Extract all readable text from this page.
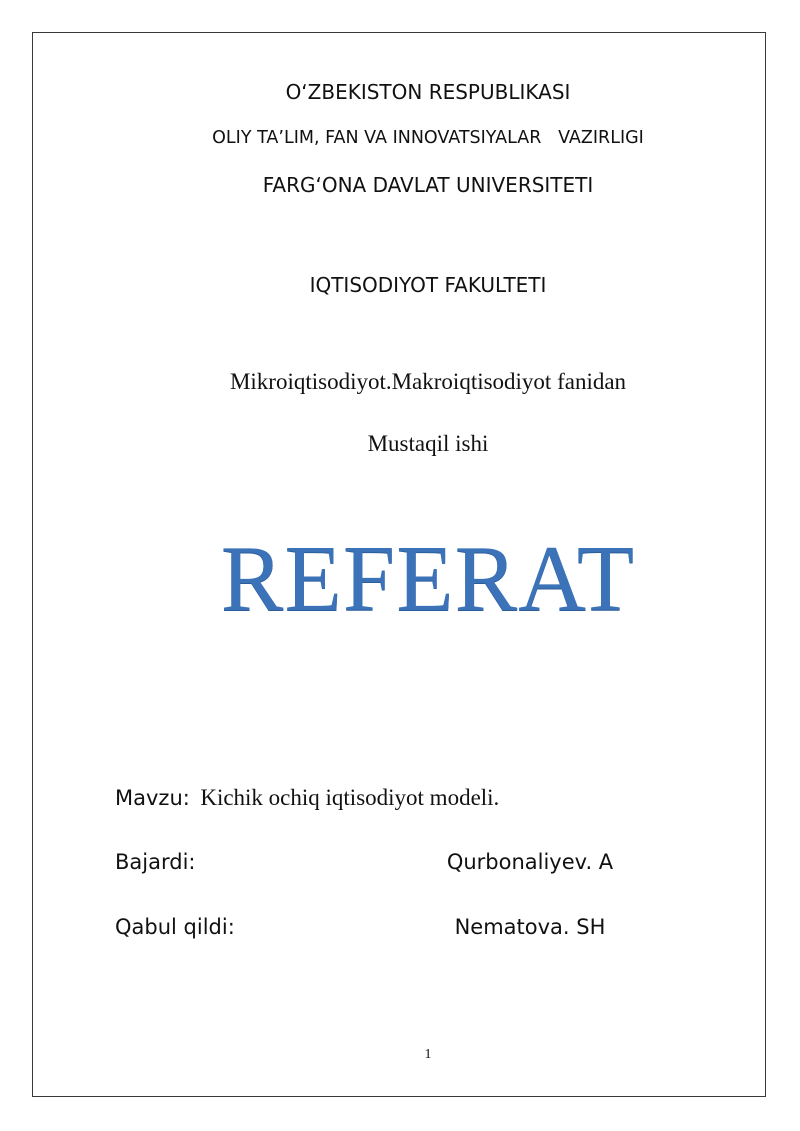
O‘ZBEKISTON RESPUBLIKASI
OLIY TA’LIM, FAN VA INNOVATSIYALAR   VAZIRLIGI
FARG‘ONA DAVLAT UNIVERSITETI
IQTISODIYOT FAKULTETI
Mikroiqtisodiyot.Makroiqtisodiyot fanidan
Mustaqil ishi
REFERAT
Mavzu: Kichik ochiq iqtisodiyot modeli.
Bajardi:	Qurbonaliyev. A
Qabul qildi:	Nematova. SH
1
